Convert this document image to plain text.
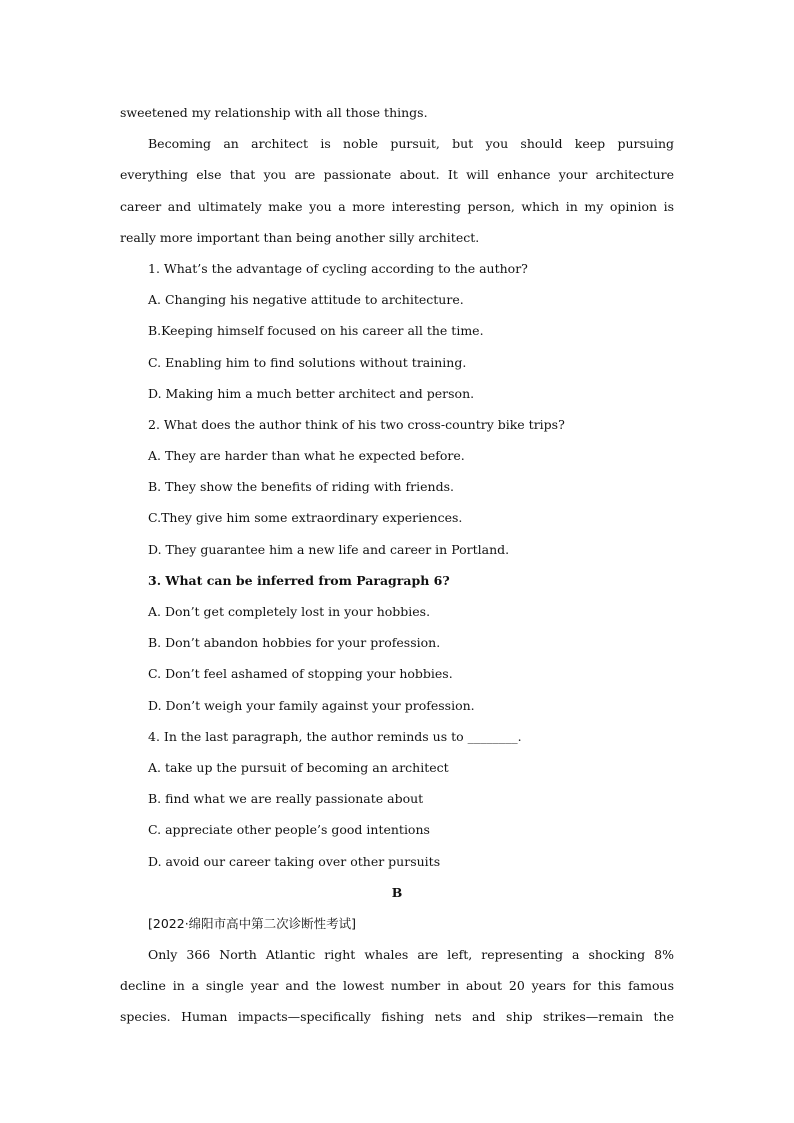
sweetened my relationship with all those things.
Becoming an architect is noble pursuit, but you should keep pursuing
everything else that you are passionate about. It will enhance your architecture
career and ultimately make you a more interesting person, which in my opinion is
really more important than being another silly architect.
1. What’s the advantage of cycling according to the author?
A. Changing his negative attitude to architecture.
B.Keeping himself focused on his career all the time.
C. Enabling him to find solutions without training.
D. Making him a much better architect and person.
2. What does the author think of his two cross-country bike trips?
A. They are harder than what he expected before.
B. They show the benefits of riding with friends.
C.They give him some extraordinary experiences.
D. They guarantee him a new life and career in Portland.
3. What can be inferred from Paragraph 6?
A. Don’t get completely lost in your hobbies.
B. Don’t abandon hobbies for your profession.
C. Don’t feel ashamed of stopping your hobbies.
D. Don’t weigh your family against your profession.
4. In the last paragraph, the author reminds us to ________.
A. take up the pursuit of becoming an architect
B. find what we are really passionate about
C. appreciate other people’s good intentions
D. avoid our career taking over other pursuits
B
[2022·绵阳市高中第二次诊断性考试]
Only 366 North Atlantic right whales are left, representing a shocking 8%
decline in a single year and the lowest number in about 20 years for this famous
species. Human impacts—specifically fishing nets and ship strikes—remain the
